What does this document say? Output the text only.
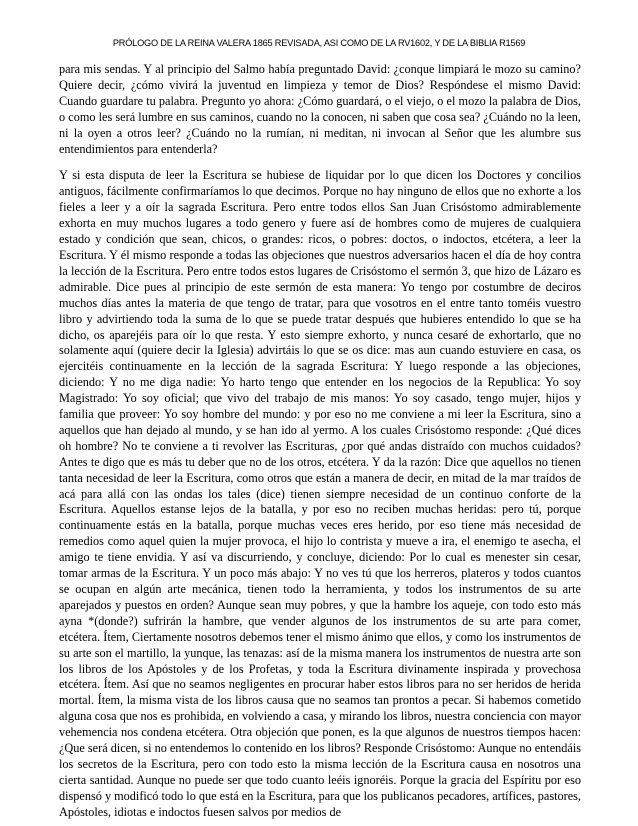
PRÓLOGO DE LA REINA VALERA 1865 REVISADA, ASI COMO DE LA RV1602, Y DE LA BIBLIA R1569

para mis sendas. Y al principio del Salmo había preguntado David: ¿conque limpiará le mozo su camino? Quiere decir, ¿cómo vivirá la juventud en limpieza y temor de Dios? Respóndese el mismo David: Cuando guardare tu palabra. Pregunto yo ahora: ¿Cómo guardará, o el viejo, o el mozo la palabra de Dios, o como les será lumbre en sus caminos, cuando no la conocen, ni saben que cosa sea? ¿Cuándo no la leen, ni la oyen a otros leer? ¿Cuándo no la rumían, ni meditan, ni invocan al Señor que les alumbre sus entendimientos para entenderla?

Y si esta disputa de leer la Escritura se hubiese de liquidar por lo que dicen los Doctores y concilios antiguos, fácilmente confirmaríamos lo que decimos. Porque no hay ninguno de ellos que no exhorte a los fieles a leer y a oír la sagrada Escritura. Pero entre todos ellos San Juan Crisóstomo admirablemente exhorta en muy muchos lugares a todo genero y fuere así de hombres como de mujeres de cualquiera estado y condición que sean, chicos, o grandes: ricos, o pobres: doctos, o indoctos, etcétera, a leer la Escritura. Y él mismo responde a todas las objeciones que nuestros adversarios hacen el día de hoy contra la lección de la Escritura. Pero entre todos estos lugares de Crisóstomo el sermón 3, que hizo de Lázaro es admirable. Dice pues al principio de este sermón de esta manera: Yo tengo por costumbre de deciros muchos días antes la materia de que tengo de tratar, para que vosotros en el entre tanto toméis vuestro libro y advirtiendo toda la suma de lo que se puede tratar después que hubieres entendido lo que se ha dicho, os aparejéis para oír lo que resta. Y esto siempre exhorto, y nunca cesaré de exhortarlo, que no solamente aquí (quiere decir la Iglesia) advirtáis lo que se os dice: mas aun cuando estuviere en casa, os ejercitéis continuamente en la lección de la sagrada Escritura: Y luego responde a las objeciones, diciendo: Y no me diga nadie: Yo harto tengo que entender en los negocios de la Republica: Yo soy Magistrado: Yo soy oficial; que vivo del trabajo de mis manos: Yo soy casado, tengo mujer, hijos y familia que proveer: Yo soy hombre del mundo: y por eso no me conviene a mi leer la Escritura, sino a aquellos que han dejado al mundo, y se han ido al yermo. A los cuales Crisóstomo responde: ¿Qué dices oh hombre? No te conviene a ti revolver las Escrituras, ¿por qué andas distraído con muchos cuidados? Antes te digo que es más tu deber que no de los otros, etcétera. Y da la razón: Dice que aquellos no tienen tanta necesidad de leer la Escritura, como otros que están a manera de decir, en mitad de la mar traídos de acá para allá con las ondas los tales (dice) tienen siempre necesidad de un continuo conforte de la Escritura. Aquellos estanse lejos de la batalla, y por eso no reciben muchas heridas: pero tú, porque continuamente estás en la batalla, porque muchas veces eres herido, por eso tiene más necesidad de remedios como aquel quien la mujer provoca, el hijo lo contrista y mueve a ira, el enemigo te asecha, el amigo te tiene envidia. Y así va discurriendo, y concluye, diciendo: Por lo cual es menester sin cesar, tomar armas de la Escritura. Y un poco más abajo: Y no ves tú que los herreros, plateros y todos cuantos se ocupan en algún arte mecánica, tienen todo la herramienta, y todos los instrumentos de su arte aparejados y puestos en orden? Aunque sean muy pobres, y que la hambre los aqueje, con todo esto más ayna *(donde?) sufrirán la hambre, que vender algunos de los instrumentos de su arte para comer, etcétera. Ítem, Ciertamente nosotros debemos tener el mismo ánimo que ellos, y como los instrumentos de su arte son el martillo, la yunque, las tenazas: así de la misma manera los instrumentos de nuestra arte son los libros de los Apóstoles y de los Profetas, y toda la Escritura divinamente inspirada y provechosa etcétera. Ítem. Así que no seamos negligentes en procurar haber estos libros para no ser heridos de herida mortal. Ítem, la misma vista de los libros causa que no seamos tan prontos a pecar. Si habemos cometido alguna cosa que nos es prohibida, en volviendo a casa, y mirando los libros, nuestra conciencia con mayor vehemencia nos condena etcétera. Otra objeción que ponen, es la que algunos de nuestros tiempos hacen: ¿Que será dicen, si no entendemos lo contenido en los libros? Responde Crisóstomo: Aunque no entendáis los secretos de la Escritura, pero con todo esto la misma lección de la Escritura causa en nosotros una cierta santidad. Aunque no puede ser que todo cuanto leéis ignoréis. Porque la gracia del Espíritu por eso dispensó y modificó todo lo que está en la Escritura, para que los publicanos pecadores, artífices, pastores, Apóstoles, idiotas e indoctos fuesen salvos por medios de
